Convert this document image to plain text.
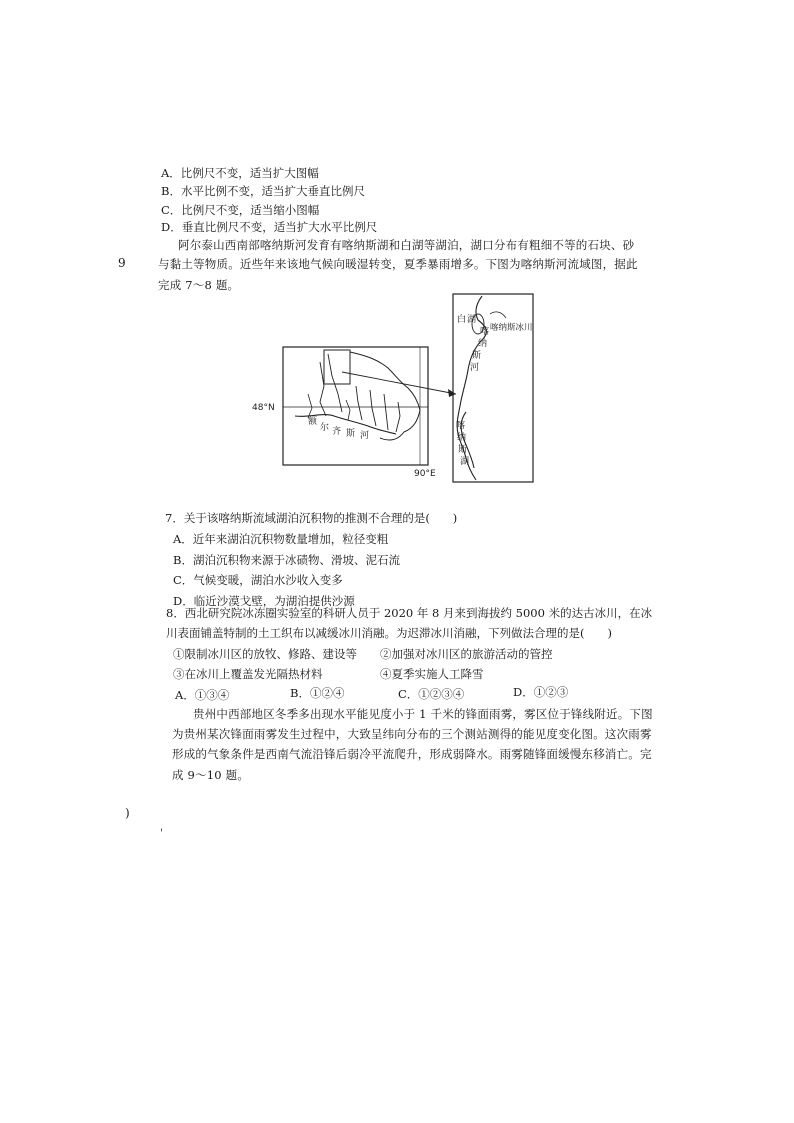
A．比例尺不变，适当扩大图幅
B．水平比例不变，适当扩大垂直比例尺
C．比例尺不变，适当缩小图幅
D．垂直比例尺不变，适当扩大水平比例尺
阿尔泰山西南部喀纳斯河发育有喀纳斯湖和白湖等湖泊，湖口分布有粗细不等的石块、砂
9	与黏土等物质。近些年来该地气候向暖湿转变，夏季暴雨增多。下图为喀纳斯河流域图，据此
完成 7～8 题。
48°N
90°E
额
尔 齐 斯 河
白 湖
喀纳斯冰川
喀
纳
斯
河
喀
纳
斯
湖
7．关于该喀纳斯流域湖泊沉积物的推测不合理的是(　　)
A．近年来湖泊沉积物数量增加，粒径变粗
B．湖泊沉积物来源于冰碛物、滑坡、泥石流
C．气候变暖，湖泊水沙收入变多
D．临近沙漠戈壁，为湖泊提供沙源
8．西北研究院冰冻圈实验室的科研人员于 2020 年 8 月来到海拔约 5000 米的达古冰川，在冰
川表面铺盖特制的土工织布以减缓冰川消融。为迟滞冰川消融，下列做法合理的是(　　)
①限制冰川区的放牧、修路、建设等 ②加强对冰川区的旅游活动的管控
③在冰川上覆盖发光隔热材料	④夏季实施人工降雪
A．①③④	B．①②④	C．①②③④	D．①②③
贵州中西部地区冬季多出现水平能见度小于 1 千米的锋面雨雾，雾区位于锋线附近。下图
为贵州某次锋面雨雾发生过程中，大致呈纬向分布的三个测站测得的能见度变化图。这次雨雾
形成的气象条件是西南气流沿锋后弱冷平流爬升，形成弱降水。雨雾随锋面缓慢东移消亡。完
成 9～10 题。
)
'
